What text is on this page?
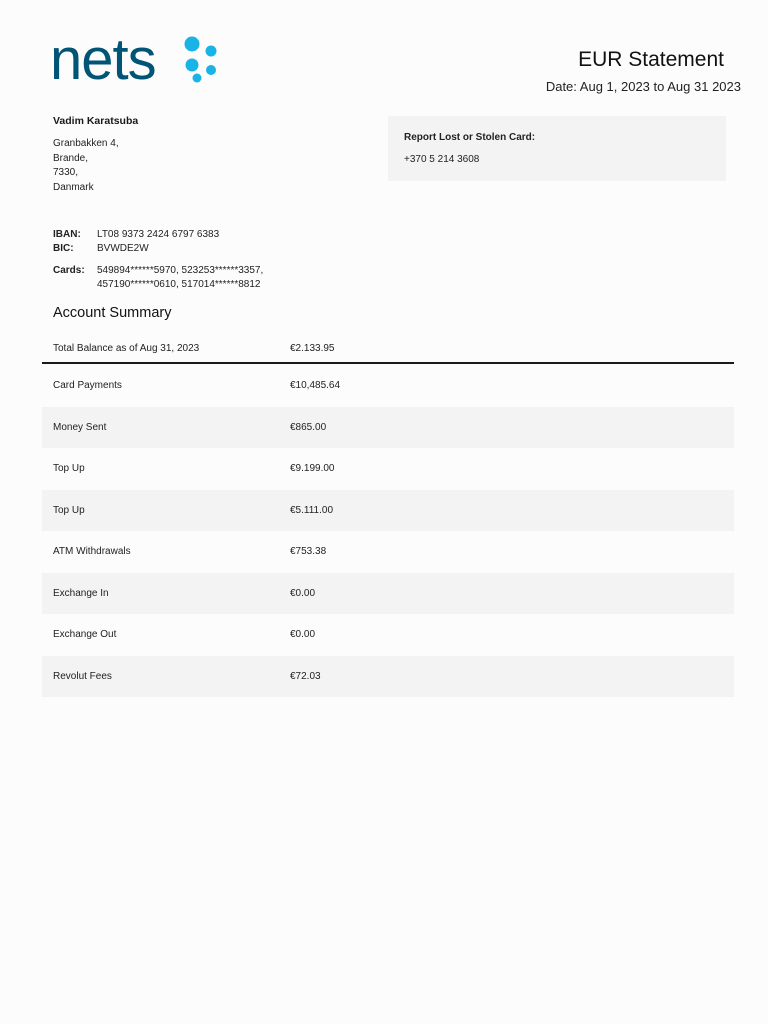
nets	EUR Statement
Date: Aug 1, 2023 to Aug 31 2023
Vadim Karatsuba
Granbakken 4,
Brande,
7330,
Danmark
Report Lost or Stolen Card:
+370 5 214 3608
IBAN:	LT08 9373 2424 6797 6383
BIC:	BVWDE2W
Cards:	549894******5970, 523253******3357,
457190******0610, 517014******8812
Account Summary
Total Balance as of Aug 31, 2023	€2.133.95
Card Payments	€10,485.64
Money Sent	€865.00
Top Up	€9.199.00
Top Up	€5.111.00
ATM Withdrawals	€753.38
Exchange In	€0.00
Exchange Out	€0.00
Revolut Fees	€72.03
